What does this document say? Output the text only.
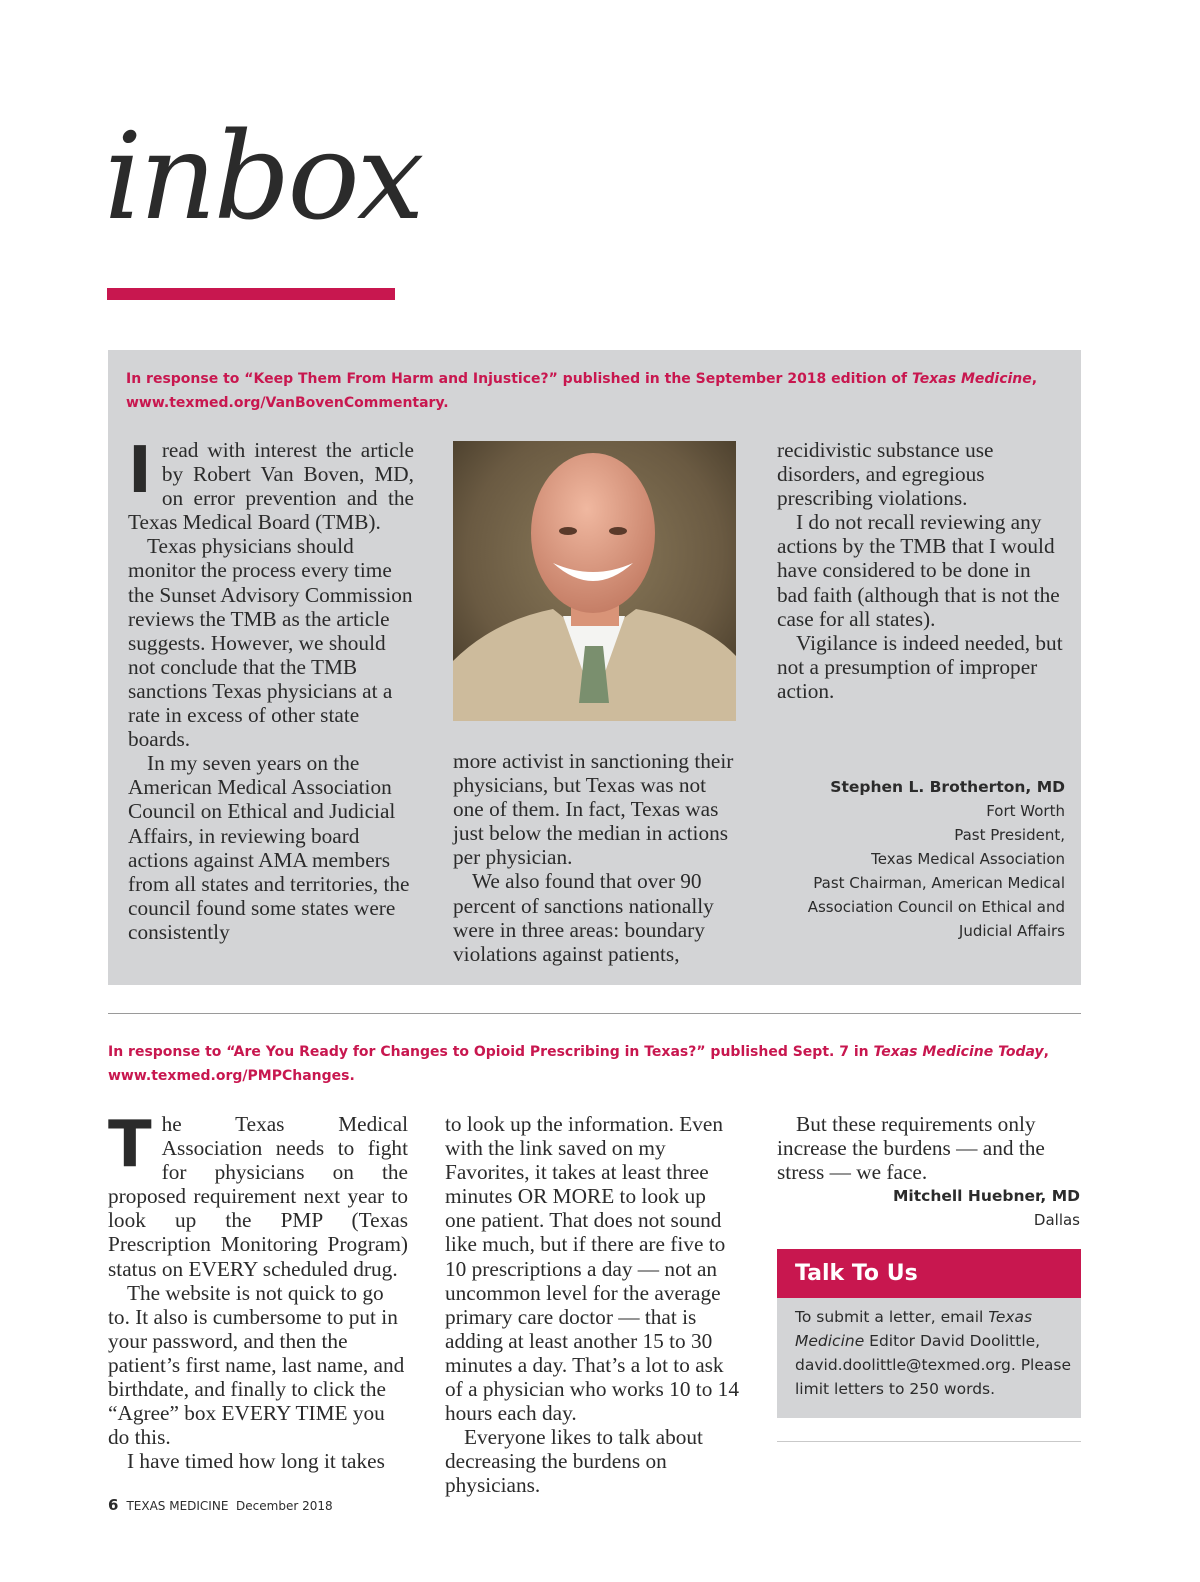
inbox
In response to “Keep Them From Harm and Injustice?” published in the September 2018 edition of Texas Medicine,
www.texmed.org/VanBovenCommentary.

Iread with interest the article by Robert Van Boven, MD, on error prevention and the Texas Medical Board (TMB).

Texas physicians should monitor the process every time the Sunset Advisory Commission reviews the TMB as the article suggests. However, we should not conclude that the TMB sanctions Texas physicians at a rate in excess of other state boards.

In my seven years on the American Medical Association Council on Ethical and Judicial Affairs, in reviewing board actions against AMA members from all states and territories, the council found some states were consistently

more activist in sanctioning their physicians, but Texas was not one of them. In fact, Texas was just below the median in actions per physician.

We also found that over 90 percent of sanctions nationally were in three areas: boundary violations against patients,

recidivistic substance use disorders, and egregious prescribing violations.

I do not recall reviewing any actions by the TMB that I would have considered to be done in bad faith (although that is not the case for all states).

Vigilance is indeed needed, but not a presumption of improper action.

Stephen L. Brotherton, MD
Fort Worth
Past President,
Texas Medical Association
Past Chairman, American Medical
Association Council on Ethical and
Judicial Affairs
In response to “Are You Ready for Changes to Opioid Prescribing in Texas?” published Sept. 7 in Texas Medicine Today,
www.texmed.org/PMPChanges.

The Texas Medical Association needs to fight for physicians on the proposed requirement next year to look up the PMP (Texas Prescription Monitoring Program) status on EVERY scheduled drug.

The website is not quick to go to. It also is cumbersome to put in your password, and then the patient’s first name, last name, and birthdate, and finally to click the “Agree” box EVERY TIME you do this.

I have timed how long it takes

to look up the information. Even with the link saved on my Favorites, it takes at least three minutes OR MORE to look up one patient. That does not sound like much, but if there are five to 10 prescriptions a day — not an uncommon level for the average primary care doctor — that is adding at least another 15 to 30 minutes a day. That’s a lot to ask of a physician who works 10 to 14 hours each day.

Everyone likes to talk about decreasing the burdens on physicians.

But these requirements only increase the burdens — and the stress — we face.

Mitchell Huebner, MD
Dallas
Talk To Us
To submit a letter, email Texas Medicine Editor David Doolittle, david.doolittle@texmed.org. Please limit letters to 250 words.
6 TEXAS MEDICINE December 2018
